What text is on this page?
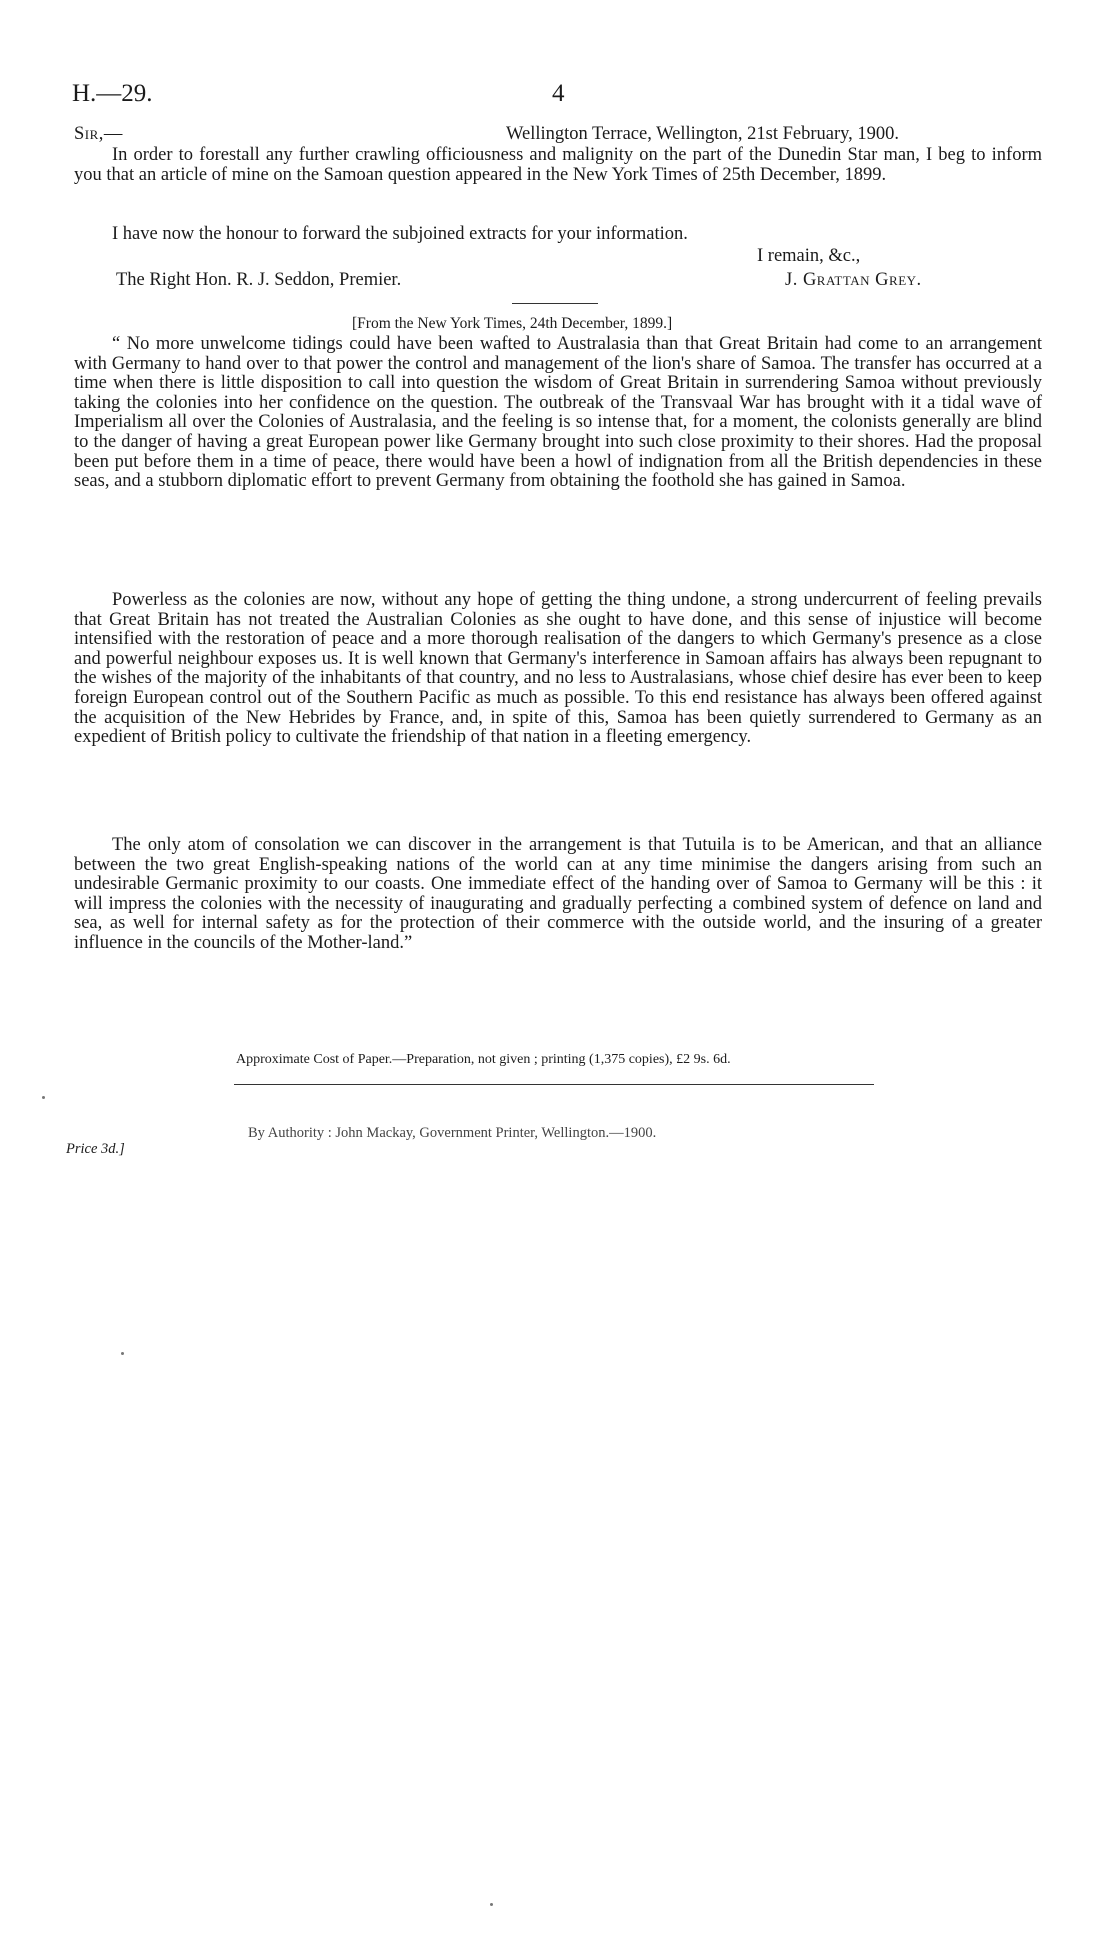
H.—29.	4
Sir,—	Wellington Terrace, Wellington, 21st February, 1900.

In order to forestall any further crawling officiousness and malignity on the part of the Dunedin Star man, I beg to inform you that an article of mine on the Samoan question appeared in the New York Times of 25th December, 1899.

I have now the honour to forward the subjoined extracts for your information.

I remain, &c.,
The Right Hon. R. J. Seddon, Premier.	J. Grattan Grey.
[From the New York Times, 24th December, 1899.]

“ No more unwelcome tidings could have been wafted to Australasia than that Great Britain had come to an arrangement with Germany to hand over to that power the control and management of the lion's share of Samoa. The transfer has occurred at a time when there is little disposition to call into question the wisdom of Great Britain in surrendering Samoa without previously taking the colonies into her confidence on the question. The outbreak of the Transvaal War has brought with it a tidal wave of Imperialism all over the Colonies of Australasia, and the feeling is so intense that, for a moment, the colonists generally are blind to the danger of having a great European power like Germany brought into such close proximity to their shores. Had the proposal been put before them in a time of peace, there would have been a howl of indignation from all the British dependencies in these seas, and a stubborn diplomatic effort to prevent Germany from obtaining the foothold she has gained in Samoa.

Powerless as the colonies are now, without any hope of getting the thing undone, a strong undercurrent of feeling prevails that Great Britain has not treated the Australian Colonies as she ought to have done, and this sense of injustice will become intensified with the restoration of peace and a more thorough realisation of the dangers to which Germany's presence as a close and powerful neighbour exposes us. It is well known that Germany's interference in Samoan affairs has always been repugnant to the wishes of the majority of the inhabitants of that country, and no less to Australasians, whose chief desire has ever been to keep foreign European control out of the Southern Pacific as much as possible. To this end resistance has always been offered against the acquisition of the New Hebrides by France, and, in spite of this, Samoa has been quietly surrendered to Germany as an expedient of British policy to cultivate the friendship of that nation in a fleeting emergency.

The only atom of consolation we can discover in the arrangement is that Tutuila is to be American, and that an alliance between the two great English-speaking nations of the world can at any time minimise the dangers arising from such an undesirable Germanic proximity to our coasts. One immediate effect of the handing over of Samoa to Germany will be this : it will impress the colonies with the necessity of inaugurating and gradually perfecting a combined system of defence on land and sea, as well for internal safety as for the protection of their commerce with the outside world, and the insuring of a greater influence in the councils of the Mother-land.”

Approximate Cost of Paper.—Preparation, not given ; printing (1,375 copies), £2 9s. 6d.
By Authority : John Mackay, Government Printer, Wellington.—1900.
Price 3d.]
